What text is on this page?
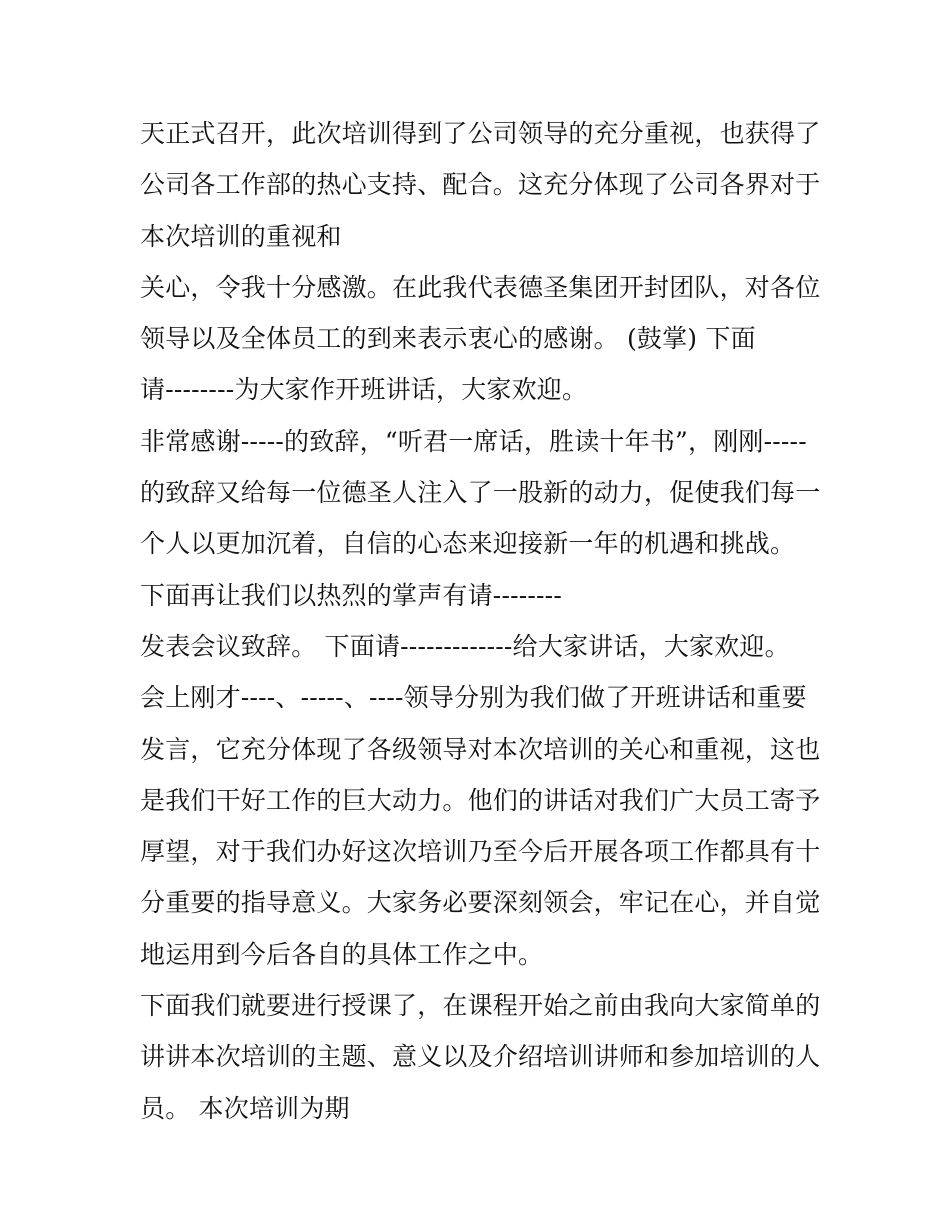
天正式召开，此次培训得到了公司领导的充分重视，也获得了
公司各工作部的热心支持、配合。这充分体现了公司各界对于
本次培训的重视和
关心，令我十分感激。在此我代表德圣集团开封团队，对各位
领导以及全体员工的到来表示衷心的感谢。 (鼓掌) 下面
请--------为大家作开班讲话，大家欢迎。
非常感谢-----的致辞，“听君一席话，胜读十年书”，刚刚-----
的致辞又给每一位德圣人注入了一股新的动力，促使我们每一
个人以更加沉着，自信的心态来迎接新一年的机遇和挑战。
下面再让我们以热烈的掌声有请--------
发表会议致辞。 下面请-------------给大家讲话，大家欢迎。
会上刚才----、-----、----领导分别为我们做了开班讲话和重要
发言，它充分体现了各级领导对本次培训的关心和重视，这也
是我们干好工作的巨大动力。他们的讲话对我们广大员工寄予
厚望，对于我们办好这次培训乃至今后开展各项工作都具有十
分重要的指导意义。大家务必要深刻领会，牢记在心，并自觉
地运用到今后各自的具体工作之中。
下面我们就要进行授课了，在课程开始之前由我向大家简单的
讲讲本次培训的主题、意义以及介绍培训讲师和参加培训的人
员。 本次培训为期
